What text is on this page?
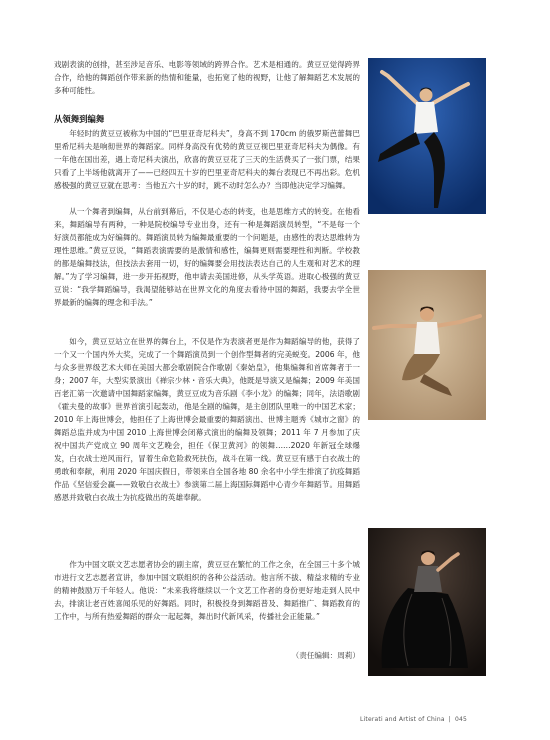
戏剧表演的创排，甚至涉足音乐、电影等领域的跨界合作。艺术是相通的。黄豆豆觉得跨界合作，给他的舞蹈创作带来新的热情和能量，也拓宽了他的视野，让他了解舞蹈艺术发展的多种可能性。

从领舞到编舞

年轻时的黄豆豆被称为中国的“巴里亚奇尼科夫”，身高不到 170cm 的俄罗斯芭蕾舞巴里希尼科夫是响彻世界的舞蹈家。同样身高没有优势的黄豆豆视巴里亚奇尼科夫为偶像。有一年他在国出差，遇上奇尼科夫演出，欣喜的黄豆豆花了三天的生活费买了一张门票，结果只看了上半场他就离开了——已经四五十岁的巴里亚奇尼科夫的舞台表现已不再出彩。危机感极强的黄豆豆就在思考：当他五六十岁的时，跳不动时怎么办？当即他决定学习编舞。

从一个舞者到编舞，从台前到幕后，不仅是心态的转变，也是思维方式的转变。在他看来，舞蹈编导有两种，一种是院校编导专业出身，还有一种是舞蹈演员转型，“不是每一个好演员都能成为好编舞的。舞蹈演员转为编舞最重要的一个问题是，由感性的表达思维转为理性思维。”黄豆豆说，“舞蹈表演需要的是激情和感性，编舞更则需要理性和判断。学校教的都是编舞技法，但技法去套用一切，好的编舞要会用技法表达自己的人生观和对艺术的理解。”为了学习编舞，进一步开拓视野，他申请去美国进修，从头学英语。进取心极强的黄豆豆说：“我学舞蹈编导，我渴望能够站在世界文化的角度去看待中国的舞蹈，我要去学全世界最新的编舞的理念和手法。”

如今，黄豆豆站立在世界的舞台上，不仅是作为表演者更是作为舞蹈编导的他，获得了一个又一个国内外大奖，完成了一个舞蹈演员到一个创作型舞者的完美蜕变。2006 年，他与众多世界级艺术大师在美国大都会歌剧院合作歌剧《秦始皇》，他集编舞和首席舞者于一身；2007 年，大型实景演出《禅宗少林・音乐大典》，他既是导演又是编舞；2009 年美国百老汇第一次邀请中国舞蹈家编舞，黄豆豆成为音乐剧《李小龙》的编舞；同年，法语歌剧《霍夫曼的故事》世界首演引起轰动，他是全剧的编舞，是主创团队里唯一的中国艺术家；2010 年上海世博会，他担任了上海世博会最重要的舞蹈演出、世博主题秀《城市之窗》的舞蹈总监并成为中国 2010 上海世博会闭幕式演出的编舞及领舞；2011 年 7 月参加了庆祝中国共产党成立 90 周年文艺晚会，担任《保卫黄河》的领舞……2020 年新冠全球爆发，白衣战士逆风而行，冒着生命危险救死扶伤，战斗在第一线。黄豆豆有感于白衣战士的勇敢和奉献，利用 2020 年国庆假日，带领来自全国各地 80 余名中小学生排演了抗疫舞蹈作品《坚信爱会赢——致敬白衣战士》参演第二届上海国际舞蹈中心青少年舞蹈节。用舞蹈感恩并致敬白衣战士为抗疫做出的英雄奉献。

作为中国文联文艺志愿者协会的副主席，黄豆豆在繁忙的工作之余，在全国三十多个城市进行文艺志愿者宣讲，参加中国文联组织的各种公益活动。他言所不拔、精益求精的专业的精神鼓励万千年轻人。他说：“未来我将继续以一个文艺工作者的身份更好地走到人民中去，排演让老百姓喜闻乐见的好舞蹈。同时，积极投身到舞蹈普及、舞蹈推广、舞蹈教育的工作中，与所有热爱舞蹈的群众一起起舞，舞出时代新风采，传播社会正能量。”

（责任编辑：周莉）
Literati and Artist of China | 045
